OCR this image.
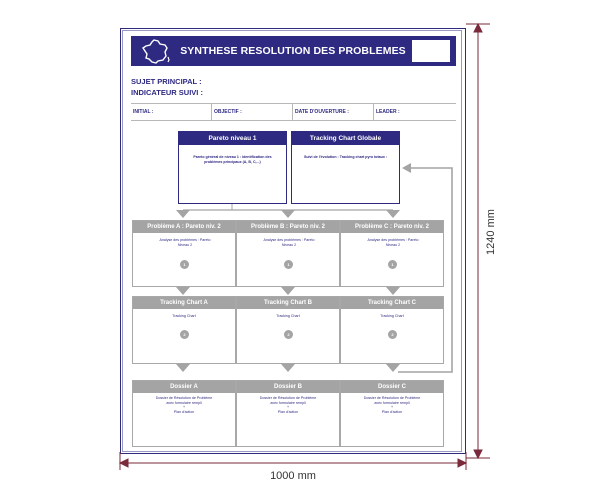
SYNTHESE RESOLUTION DES PROBLEMES
SUJET PRINCIPAL :
INDICATEUR SUIVI :
INITIAL :	OBJECTIF :	DATE D'OUVERTURE :	LEADER :
Pareto niveau 1
Pareto général de niveau 1 : identification des problèmes principaux (A, B, C,...)
Tracking Chart Globale
Suivi de l'évolution : Tracking chart pyro totaux :
Problème A : Pareto niv. 2
Analyse des problèmes : Pareto Niveau 2
1
Problème B : Pareto niv. 2
Analyse des problèmes : Pareto Niveau 2
1
Problème C : Pareto niv. 2
Analyse des problèmes : Pareto Niveau 2
1
Tracking Chart A
Tracking Chart
2
Tracking Chart B
Tracking Chart
2
Tracking Chart C
Tracking Chart
2
Dossier A
Dossier de Résolution de Problème
avec formulaire rempli
+
Plan d'action
Dossier B
Dossier de Résolution de Problème
avec formulaire rempli
+
Plan d'action
Dossier C
Dossier de Résolution de Problème
avec formulaire rempli
+
Plan d'action
1240 mm
1000 mm
